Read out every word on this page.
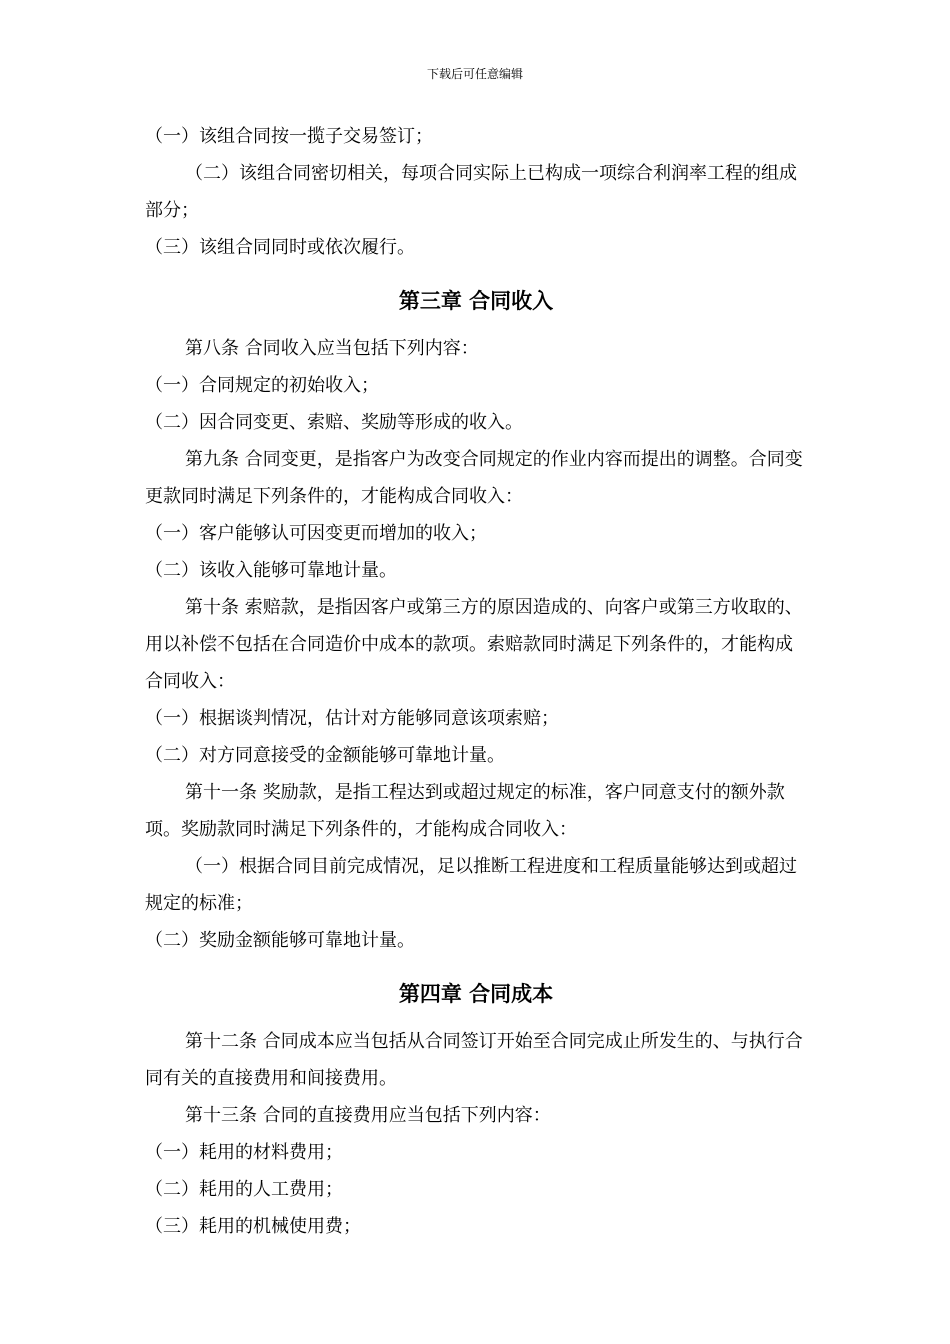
下载后可任意编辑

（一）该组合同按一揽子交易签订；

（二）该组合同密切相关，每项合同实际上已构成一项综合利润率工程的组成部分；

（三）该组合同同时或依次履行。

第三章 合同收入

第八条 合同收入应当包括下列内容：

（一）合同规定的初始收入；

（二）因合同变更、索赔、奖励等形成的收入。

第九条 合同变更，是指客户为改变合同规定的作业内容而提出的调整。合同变更款同时满足下列条件的，才能构成合同收入：

（一）客户能够认可因变更而增加的收入；

（二）该收入能够可靠地计量。

第十条 索赔款，是指因客户或第三方的原因造成的、向客户或第三方收取的、用以补偿不包括在合同造价中成本的款项。索赔款同时满足下列条件的，才能构成合同收入：

（一）根据谈判情况，估计对方能够同意该项索赔；

（二）对方同意接受的金额能够可靠地计量。

第十一条 奖励款，是指工程达到或超过规定的标准，客户同意支付的额外款项。奖励款同时满足下列条件的，才能构成合同收入：

（一）根据合同目前完成情况，足以推断工程进度和工程质量能够达到或超过规定的标准；

（二）奖励金额能够可靠地计量。

第四章 合同成本

第十二条 合同成本应当包括从合同签订开始至合同完成止所发生的、与执行合同有关的直接费用和间接费用。

第十三条 合同的直接费用应当包括下列内容：

（一）耗用的材料费用；

（二）耗用的人工费用；

（三）耗用的机械使用费；
